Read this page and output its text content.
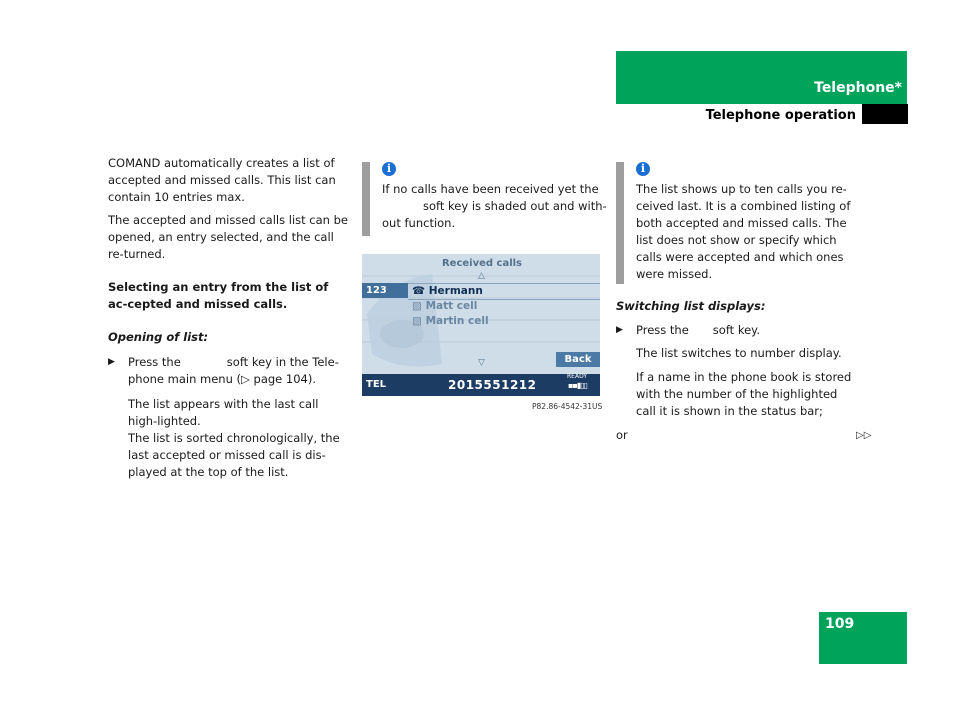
Telephone*
Telephone operation

COMAND automatically creates a list of accepted and missed calls. This list can contain 10 entries max.

The accepted and missed calls list can be opened, an entry selected, and the call re-turned.

Selecting an entry from the list of ac-cepted and missed calls.

Opening of list:

▶ Press the	soft key in the Tele-
phone main menu (▷ page 104).
The list appears with the last call high-lighted.
The list is sorted chronologically, the last accepted or missed call is dis-played at the top of the list.
i
If no calls have been received yet the
soft key is shaded out and with-
out function.
Received calls
△
123	☎ Hermann
▧ Matt cell
▧ Martin cell
▽	Back
TEL	2015551212
READY
▪▪▮▯▯
P82.86-4542-31US
i
The list shows up to ten calls you re-ceived last. It is a combined listing of both accepted and missed calls. The list does not show or specify which calls were accepted and which ones were missed.

Switching list displays:

▶ Press the soft key.
The list switches to number display.
If a name in the phone book is stored with the number of the highlighted call it is shown in the status bar;
or	▷▷
109
